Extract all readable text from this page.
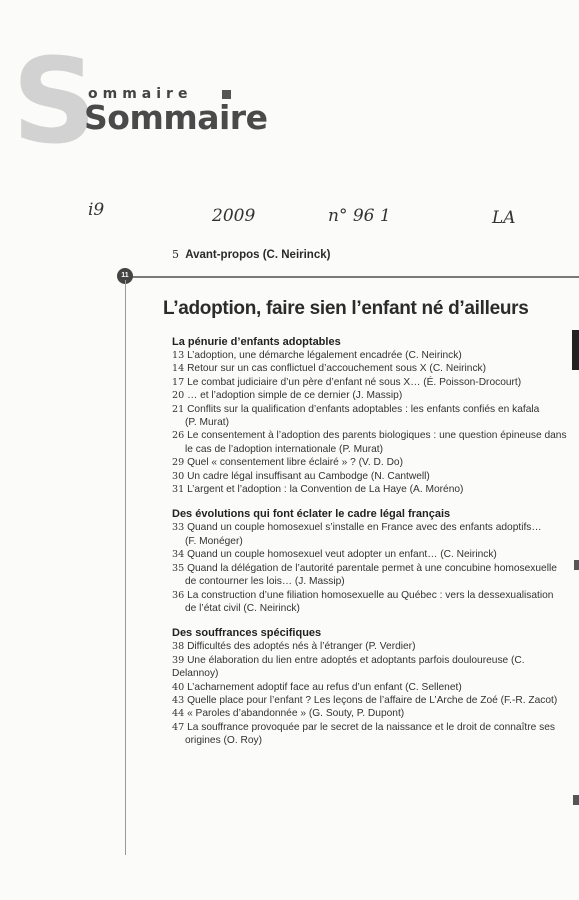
S
ommaire
Sommaire
i9	2009	n° 96 1	LA
5 Avant-propos (C. Neirinck)
11
L’adoption, faire sien l’enfant né d’ailleurs
La pénurie d’enfants adoptables
13 L’adoption, une démarche légalement encadrée (C. Neirinck)
14 Retour sur un cas conflictuel d’accouchement sous X (C. Neirinck)
17 Le combat judiciaire d’un père d’enfant né sous X… (É. Poisson-Drocourt)
20 … et l’adoption simple de ce dernier (J. Massip)
21 Conflits sur la qualification d’enfants adoptables : les enfants confiés en kafala
(P. Murat)
26 Le consentement à l’adoption des parents biologiques : une question épineuse dans
le cas de l’adoption internationale (P. Murat)
29 Quel « consentement libre éclairé » ? (V. D. Do)
30 Un cadre légal insuffisant au Cambodge (N. Cantwell)
31 L’argent et l’adoption : la Convention de La Haye (A. Moréno)
Des évolutions qui font éclater le cadre légal français
33 Quand un couple homosexuel s’installe en France avec des enfants adoptifs…
(F. Monéger)
34 Quand un couple homosexuel veut adopter un enfant… (C. Neirinck)
35 Quand la délégation de l’autorité parentale permet à une concubine homosexuelle
de contourner les lois… (J. Massip)
36 La construction d’une filiation homosexuelle au Québec : vers la dessexualisation
de l’état civil (C. Neirinck)
Des souffrances spécifiques
38 Difficultés des adoptés nés à l’étranger (P. Verdier)
39 Une élaboration du lien entre adoptés et adoptants parfois douloureuse (C. Delannoy)
40 L’acharnement adoptif face au refus d’un enfant (C. Sellenet)
43 Quelle place pour l’enfant ? Les leçons de l’affaire de L’Arche de Zoé (F.-R. Zacot)
44 « Paroles d’abandonnée » (G. Souty, P. Dupont)
47 La souffrance provoquée par le secret de la naissance et le droit de connaître ses
origines (O. Roy)
